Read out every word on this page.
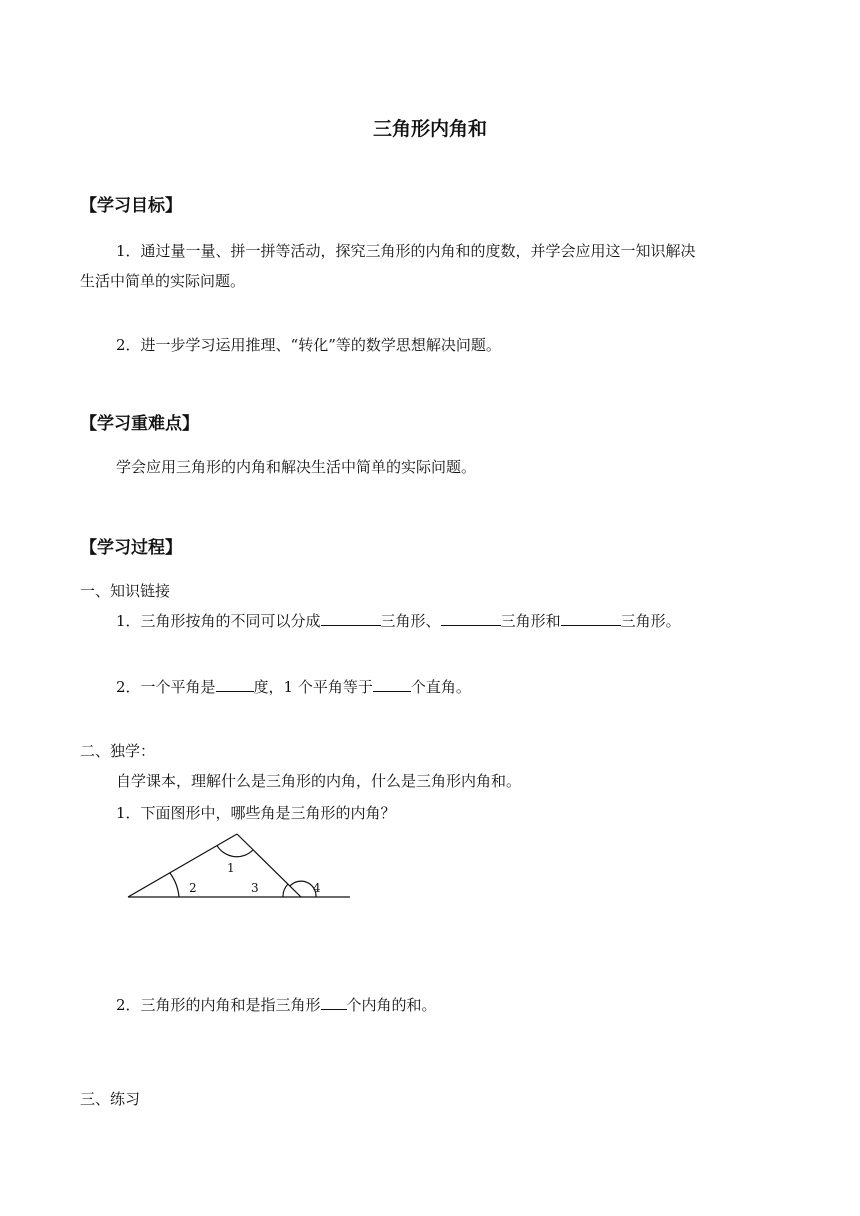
三角形内角和
【学习目标】
1．通过量一量、拼一拼等活动，探究三角形的内角和的度数，并学会应用这一知识解决
生活中简单的实际问题。
2．进一步学习运用推理、“转化”等的数学思想解决问题。
【学习重难点】
学会应用三角形的内角和解决生活中简单的实际问题。
【学习过程】
一、知识链接
1．三角形按角的不同可以分成	三角形、	三角形和	三角形。
2．一个平角是	度，1 个平角等于	个直角。
二、独学：
自学课本，理解什么是三角形的内角，什么是三角形内角和。
1．下面图形中，哪些角是三角形的内角？
1
2	3	4
2．三角形的内角和是指三角形 个内角的和。
三、练习
